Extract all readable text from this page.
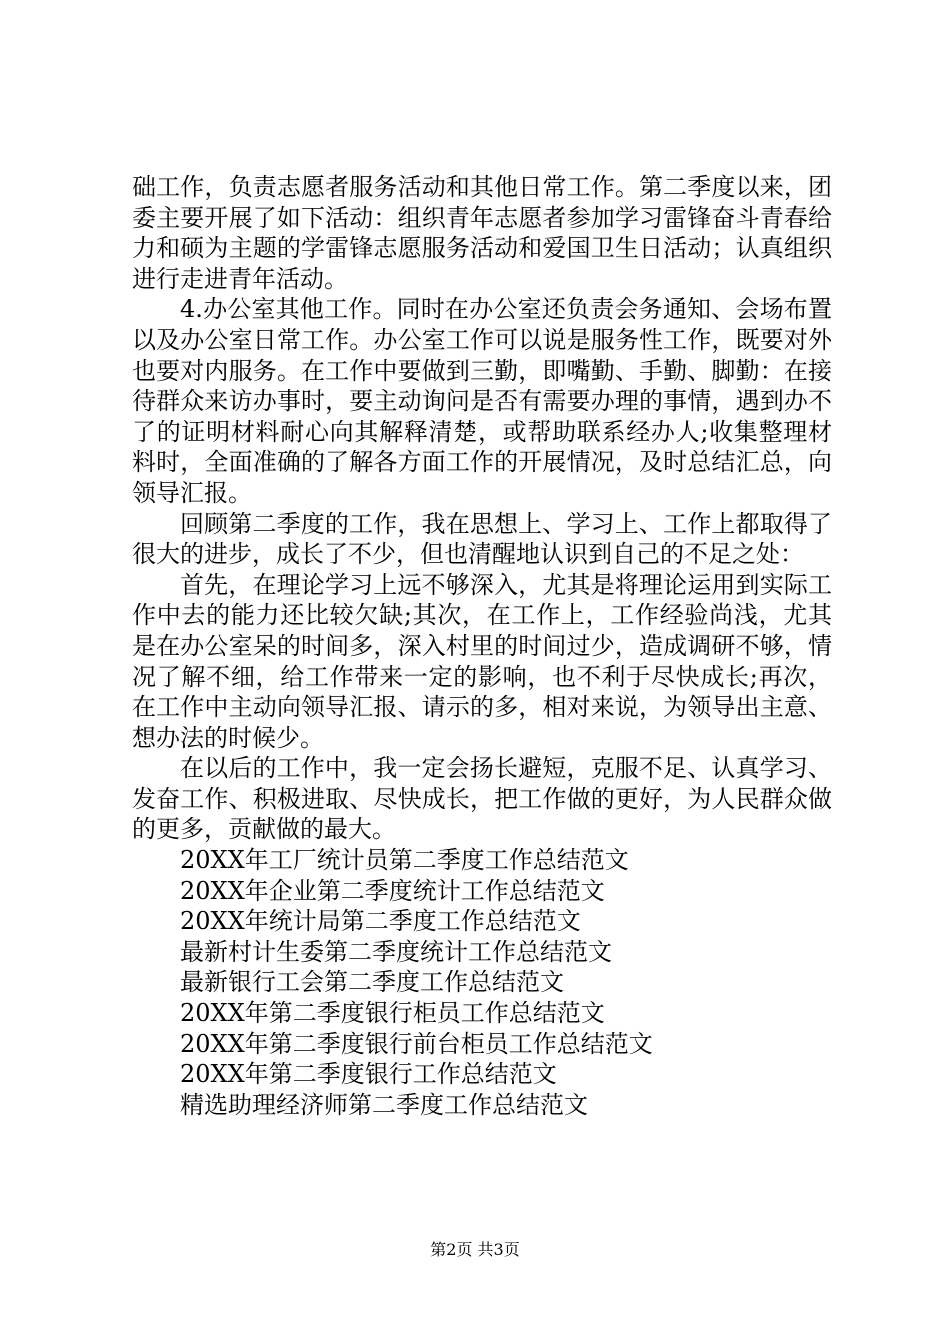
础工作，负责志愿者服务活动和其他日常工作。第二季度以来，团委主要开展了如下活动：组织青年志愿者参加学习雷锋奋斗青春给力和硕为主题的学雷锋志愿服务活动和爱国卫生日活动；认真组织进行走进青年活动。

4.办公室其他工作。同时在办公室还负责会务通知、会场布置以及办公室日常工作。办公室工作可以说是服务性工作，既要对外也要对内服务。在工作中要做到三勤，即嘴勤、手勤、脚勤：在接待群众来访办事时，要主动询问是否有需要办理的事情，遇到办不了的证明材料耐心向其解释清楚，或帮助联系经办人;收集整理材料时，全面准确的了解各方面工作的开展情况，及时总结汇总，向领导汇报。

回顾第二季度的工作，我在思想上、学习上、工作上都取得了很大的进步，成长了不少，但也清醒地认识到自己的不足之处：

首先，在理论学习上远不够深入，尤其是将理论运用到实际工作中去的能力还比较欠缺;其次，在工作上，工作经验尚浅，尤其是在办公室呆的时间多，深入村里的时间过少，造成调研不够，情况了解不细，给工作带来一定的影响，也不利于尽快成长;再次，在工作中主动向领导汇报、请示的多，相对来说，为领导出主意、想办法的时候少。

在以后的工作中，我一定会扬长避短，克服不足、认真学习、发奋工作、积极进取、尽快成长，把工作做的更好，为人民群众做的更多，贡献做的最大。

20XX年工厂统计员第二季度工作总结范文
20XX年企业第二季度统计工作总结范文
20XX年统计局第二季度工作总结范文
最新村计生委第二季度统计工作总结范文
最新银行工会第二季度工作总结范文
20XX年第二季度银行柜员工作总结范文
20XX年第二季度银行前台柜员工作总结范文
20XX年第二季度银行工作总结范文
精选助理经济师第二季度工作总结范文
第2页 共3页
